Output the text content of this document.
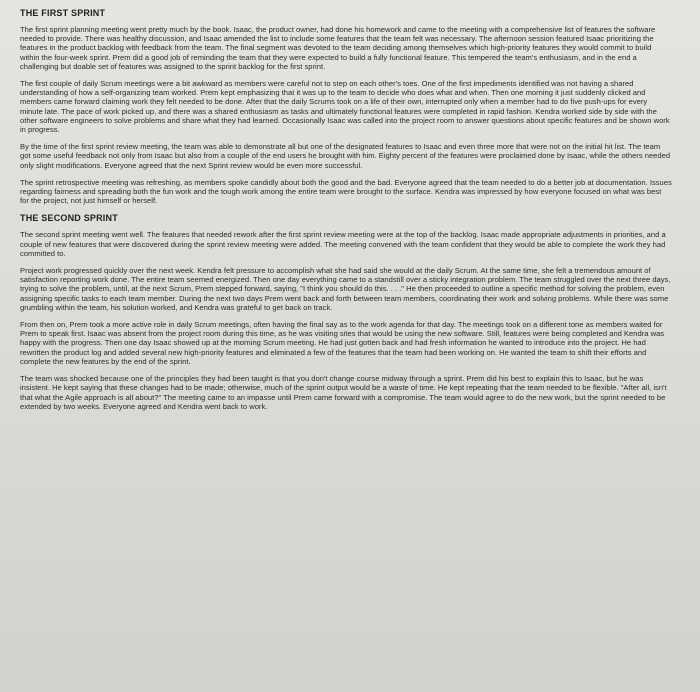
THE FIRST SPRINT

The first sprint planning meeting went pretty much by the book. Isaac, the product owner, had done his homework and came to the meeting with a comprehensive list of features the software needed to provide. There was healthy discussion, and Isaac amended the list to include some features that the team felt was necessary. The afternoon session featured Isaac prioritizing the features in the product backlog with feedback from the team. The final segment was devoted to the team deciding among themselves which high-priority features they would commit to build within the four-week sprint. Prem did a good job of reminding the team that they were expected to build a fully functional feature. This tempered the team's enthusiasm, and in the end a challenging but doable set of features was assigned to the sprint backlog for the first sprint.

The first couple of daily Scrum meetings were a bit awkward as members were careful not to step on each other's toes. One of the first impediments identified was not having a shared understanding of how a self-organizing team worked. Prem kept emphasizing that it was up to the team to decide who does what and when. Then one morning it just suddenly clicked and members came forward claiming work they felt needed to be done. After that the daily Scrums took on a life of their own, interrupted only when a member had to do five push-ups for every minute late. The pace of work picked up, and there was a shared enthusiasm as tasks and ultimately functional features were completed in rapid fashion. Kendra worked side by side with the other software engineers to solve problems and share what they had learned. Occasionally Isaac was called into the project room to answer questions about specific features and be shown work in progress.

By the time of the first sprint review meeting, the team was able to demonstrate all but one of the designated features to Isaac and even three more that were not on the initial hit list. The team got some useful feedback not only from Isaac but also from a couple of the end users he brought with him. Eighty percent of the features were proclaimed done by Isaac, while the others needed only slight modifications. Everyone agreed that the next Sprint review would be even more successful.

The sprint retrospective meeting was refreshing, as members spoke candidly about both the good and the bad. Everyone agreed that the team needed to do a better job at documentation. Issues regarding fairness and spreading both the fun work and the tough work among the entire team were brought to the surface. Kendra was impressed by how everyone focused on what was best for the project, not just himself or herself.

THE SECOND SPRINT

The second sprint meeting went well. The features that needed rework after the first sprint review meeting were at the top of the backlog. Isaac made appropriate adjustments in priorities, and a couple of new features that were discovered during the sprint review meeting were added. The meeting convened with the team confident that they would be able to complete the work they had committed to.

Project work progressed quickly over the next week. Kendra felt pressure to accomplish what she had said she would at the daily Scrum. At the same time, she felt a tremendous amount of satisfaction reporting work done. The entire team seemed energized. Then one day everything came to a standstill over a sticky integration problem. The team struggled over the next three days, trying to solve the problem, until, at the next Scrum, Prem stepped forward, saying, "I think you should do this. . . ." He then proceeded to outline a specific method for solving the problem, even assigning specific tasks to each team member. During the next two days Prem went back and forth between team members, coordinating their work and solving problems. While there was some grumbling within the team, his solution worked, and Kendra was grateful to get back on track.

From then on, Prem took a more active role in daily Scrum meetings, often having the final say as to the work agenda for that day. The meetings took on a different tone as members waited for Prem to speak first. Isaac was absent from the project room during this time, as he was visiting sites that would be using the new software. Still, features were being completed and Kendra was happy with the progress. Then one day Isaac showed up at the morning Scrum meeting. He had just gotten back and had fresh information he wanted to introduce into the project. He had rewritten the product log and added several new high-priority features and eliminated a few of the features that the team had been working on. He wanted the team to shift their efforts and complete the new features by the end of the sprint.

The team was shocked because one of the principles they had been taught is that you don't change course midway through a sprint. Prem did his best to explain this to Isaac, but he was insistent. He kept saying that these changes had to be made; otherwise, much of the sprint output would be a waste of time. He kept repeating that the team needed to be flexible. "After all, isn't that what the Agile approach is all about?" The meeting came to an impasse until Prem came forward with a compromise. The team would agree to do the new work, but the sprint needed to be extended by two weeks. Everyone agreed and Kendra went back to work.
